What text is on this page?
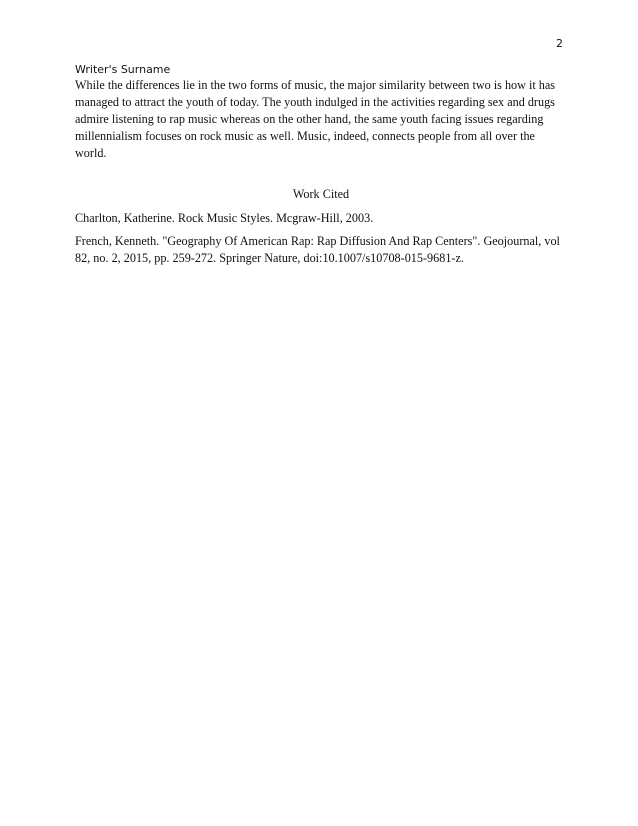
2
Writer's Surname

While the differences lie in the two forms of music, the major similarity between two is how it has managed to attract the youth of today. The youth indulged in the activities regarding sex and drugs admire listening to rap music whereas on the other hand, the same youth facing issues regarding millennialism focuses on rock music as well. Music, indeed, connects people from all over the world.

Work Cited
Charlton, Katherine. Rock Music Styles. Mcgraw-Hill, 2003.
French, Kenneth. "Geography Of American Rap: Rap Diffusion And Rap Centers". Geojournal, vol 82, no. 2, 2015, pp. 259-272. Springer Nature, doi:10.1007/s10708-015-9681-z.
